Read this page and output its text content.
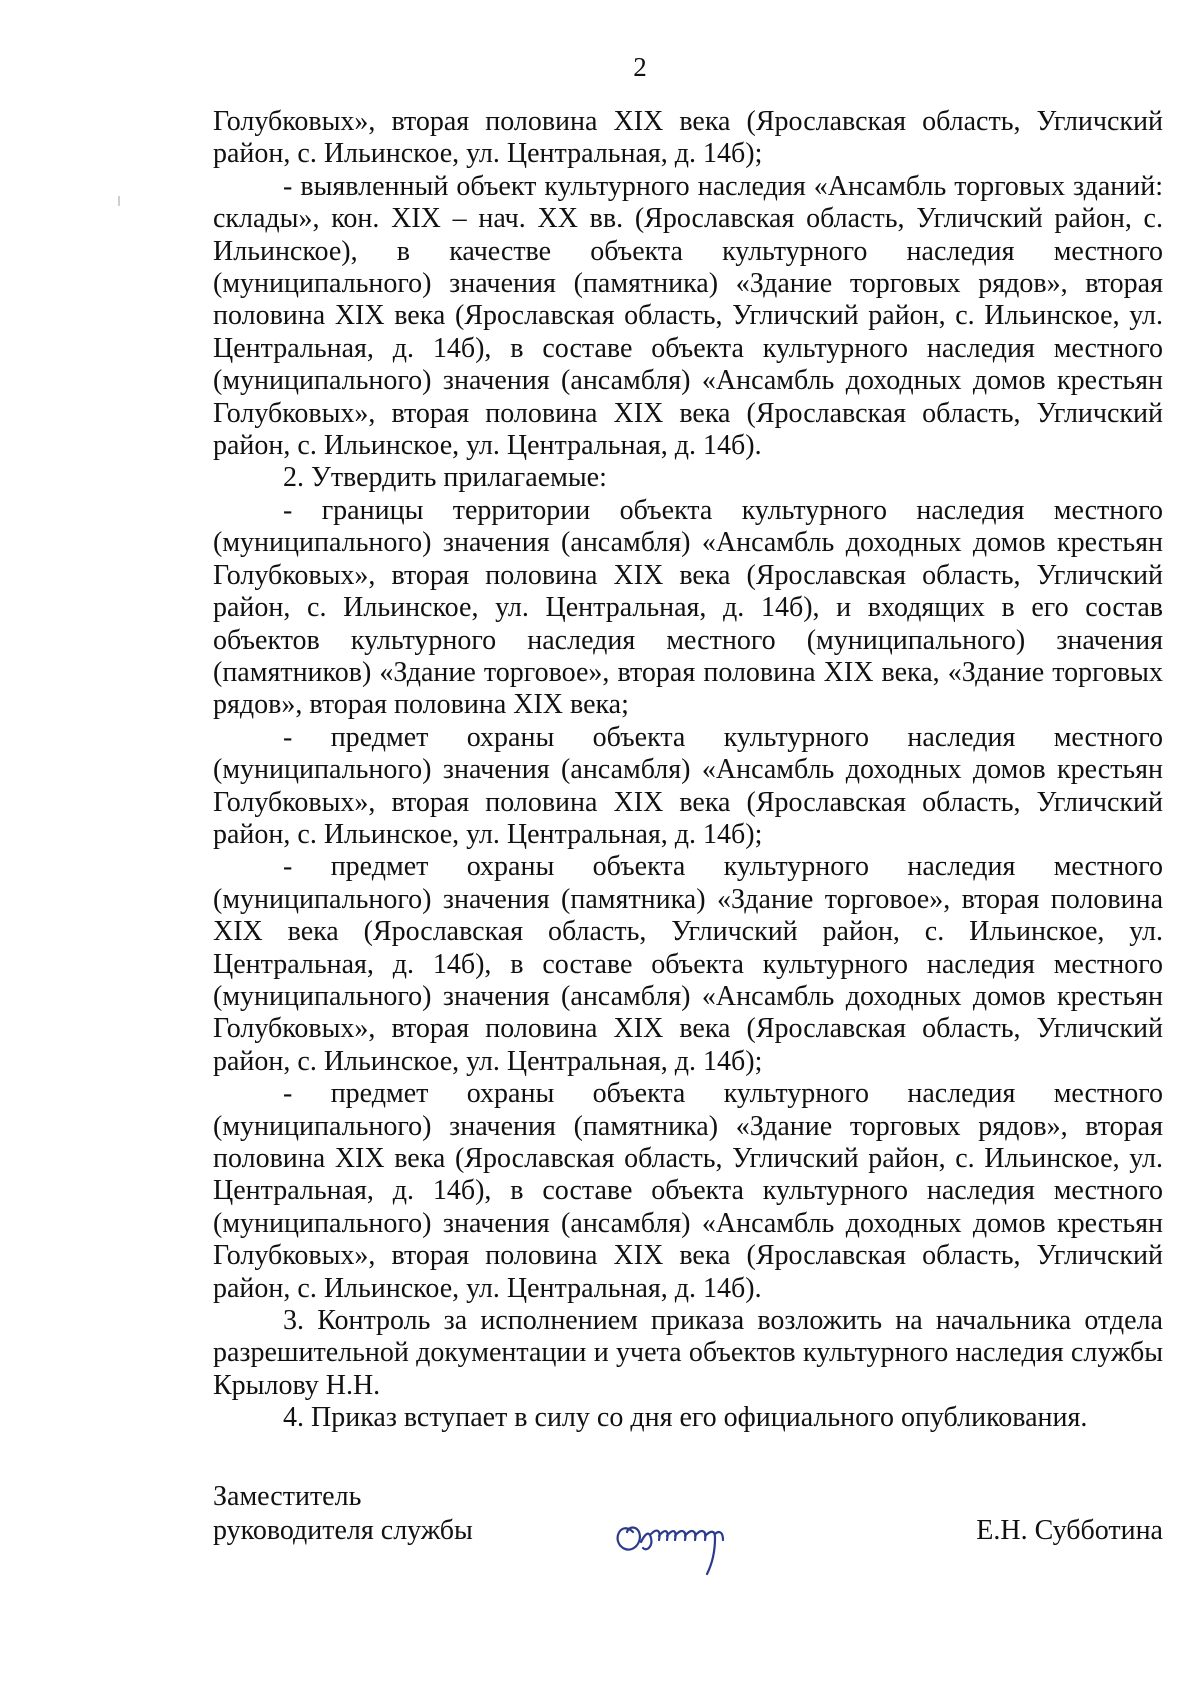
2

Голубковых», вторая половина XIX века (Ярославская область, Угличский район, с. Ильинское, ул. Центральная, д. 14б);

- выявленный объект культурного наследия «Ансамбль торговых зданий: склады», кон. XIX – нач. XX вв. (Ярославская область, Угличский район, с. Ильинское), в качестве объекта культурного наследия местного (муниципального) значения (памятника) «Здание торговых рядов», вторая половина XIX века (Ярославская область, Угличский район, с. Ильинское, ул. Центральная, д. 14б), в составе объекта культурного наследия местного (муниципального) значения (ансамбля) «Ансамбль доходных домов крестьян Голубковых», вторая половина XIX века (Ярославская область, Угличский район, с. Ильинское, ул. Центральная, д. 14б).

2. Утвердить прилагаемые:

- границы территории объекта культурного наследия местного (муниципального) значения (ансамбля) «Ансамбль доходных домов крестьян Голубковых», вторая половина XIX века (Ярославская область, Угличский район, с. Ильинское, ул. Центральная, д. 14б), и входящих в его состав объектов культурного наследия местного (муниципального) значения (памятников) «Здание торговое», вторая половина XIX века, «Здание торговых рядов», вторая половина XIX века;

- предмет охраны объекта культурного наследия местного (муниципального) значения (ансамбля) «Ансамбль доходных домов крестьян Голубковых», вторая половина XIX века (Ярославская область, Угличский район, с. Ильинское, ул. Центральная, д. 14б);

- предмет охраны объекта культурного наследия местного (муниципального) значения (памятника) «Здание торговое», вторая половина XIX века (Ярославская область, Угличский район, с. Ильинское, ул. Центральная, д. 14б), в составе объекта культурного наследия местного (муниципального) значения (ансамбля) «Ансамбль доходных домов крестьян Голубковых», вторая половина XIX века (Ярославская область, Угличский район, с. Ильинское, ул. Центральная, д. 14б);

- предмет охраны объекта культурного наследия местного (муниципального) значения (памятника) «Здание торговых рядов», вторая половина XIX века (Ярославская область, Угличский район, с. Ильинское, ул. Центральная, д. 14б), в составе объекта культурного наследия местного (муниципального) значения (ансамбля) «Ансамбль доходных домов крестьян Голубковых», вторая половина XIX века (Ярославская область, Угличский район, с. Ильинское, ул. Центральная, д. 14б).

3. Контроль за исполнением приказа возложить на начальника отдела разрешительной документации и учета объектов культурного наследия службы Крылову Н.Н.

4. Приказ вступает в силу со дня его официального опубликования.

Заместитель
руководителя службы	Е.Н. Субботина
